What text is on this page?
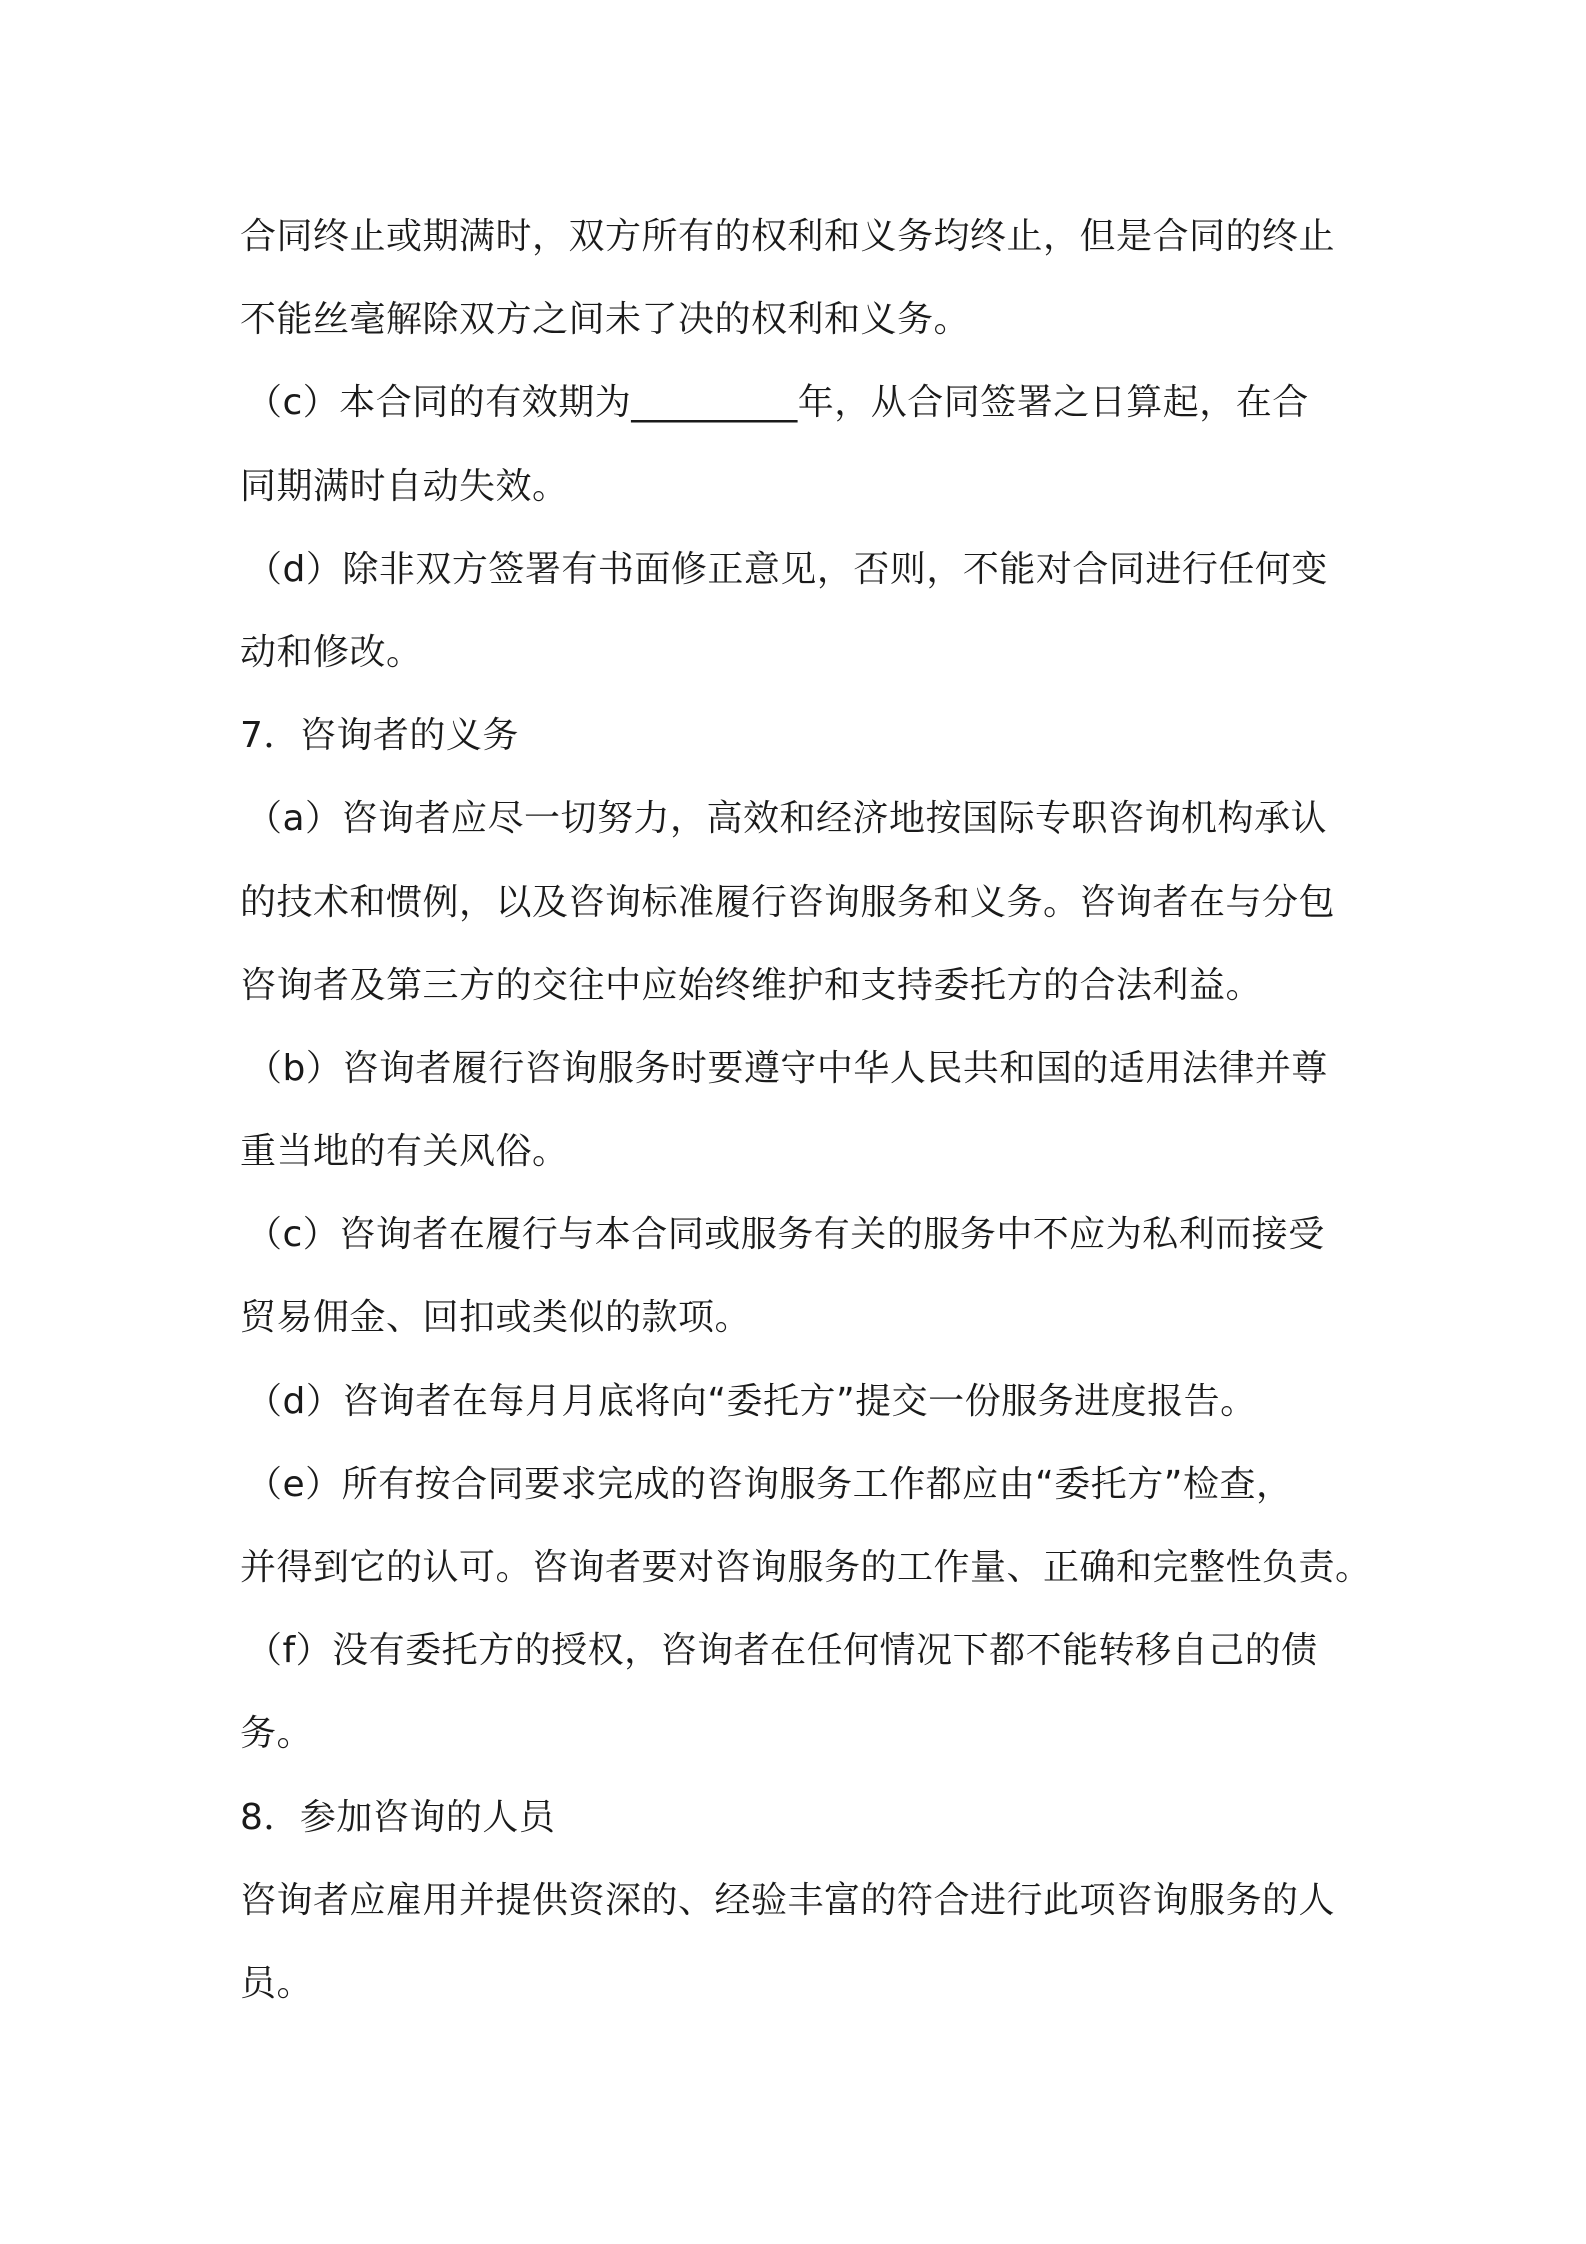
合同终止或期满时，双方所有的权利和义务均终止，但是合同的终止
不能丝毫解除双方之间未了决的权利和义务。
（c）本合同的有效期为_________年，从合同签署之日算起，在合
同期满时自动失效。
（d）除非双方签署有书面修正意见，否则，不能对合同进行任何变
动和修改。
7．咨询者的义务
（a）咨询者应尽一切努力，高效和经济地按国际专职咨询机构承认
的技术和惯例，以及咨询标准履行咨询服务和义务。咨询者在与分包
咨询者及第三方的交往中应始终维护和支持委托方的合法利益。
（b）咨询者履行咨询服务时要遵守中华人民共和国的适用法律并尊
重当地的有关风俗。
（c）咨询者在履行与本合同或服务有关的服务中不应为私利而接受
贸易佣金、回扣或类似的款项。
（d）咨询者在每月月底将向“委托方”提交一份服务进度报告。
（e）所有按合同要求完成的咨询服务工作都应由“委托方”检查，
并得到它的认可。咨询者要对咨询服务的工作量、正确和完整性负责。
（f）没有委托方的授权，咨询者在任何情况下都不能转移自己的债
务。
8．参加咨询的人员
咨询者应雇用并提供资深的、经验丰富的符合进行此项咨询服务的人
员。
